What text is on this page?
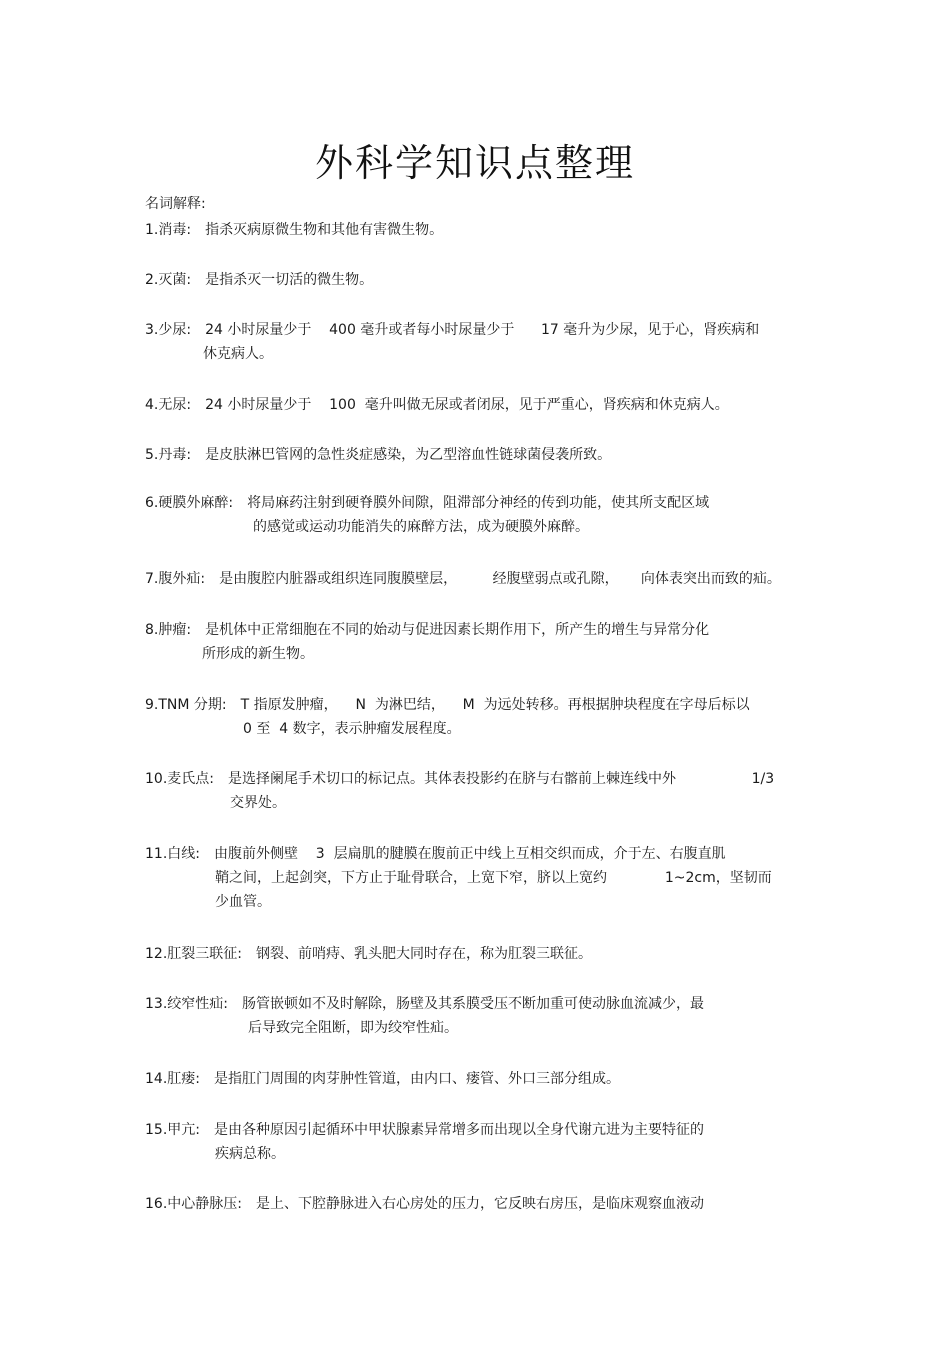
外科学知识点整理
名词解释:
1.消毒: 指杀灭病原微生物和其他有害微生物。
2.灭菌: 是指杀灭一切活的微生物。
3.少尿: 24 小时尿量少于    400 毫升或者每小时尿量少于      17 毫升为少尿，见于心，肾疾病和
休克病人。
4.无尿: 24 小时尿量少于    100  毫升叫做无尿或者闭尿，见于严重心，肾疾病和休克病人。
5.丹毒: 是皮肤淋巴管网的急性炎症感染，为乙型溶血性链球菌侵袭所致。
6.硬膜外麻醉: 将局麻药注射到硬脊膜外间隙，阻滞部分神经的传到功能，使其所支配区域
的感觉或运动功能消失的麻醉方法，成为硬膜外麻醉。
7.腹外疝: 是由腹腔内脏器或组织连同腹膜壁层，        经腹壁弱点或孔隙，     向体表突出而致的疝。
8.肿瘤: 是机体中正常细胞在不同的始动与促进因素长期作用下，所产生的增生与异常分化
所形成的新生物。
9.TNM 分期: T 指原发肿瘤，    N  为淋巴结，    M  为远处转移。再根据肿块程度在字母后标以
0 至  4 数字，表示肿瘤发展程度。
10.麦氏点: 是选择阑尾手术切口的标记点。其体表投影约在脐与右髂前上棘连线中外                 1/3
交界处。
11.白线: 由腹前外侧壁    3  层扁肌的腱膜在腹前正中线上互相交织而成，介于左、右腹直肌
鞘之间，上起剑突，下方止于耻骨联合，上宽下窄，脐以上宽约             1~2cm，坚韧而
少血管。
12.肛裂三联征: 钢裂、前哨痔、乳头肥大同时存在，称为肛裂三联征。
13.绞窄性疝: 肠管嵌顿如不及时解除，肠壁及其系膜受压不断加重可使动脉血流减少，最
后导致完全阻断，即为绞窄性疝。
14.肛瘘: 是指肛门周围的肉芽肿性管道，由内口、瘘管、外口三部分组成。
15.甲亢: 是由各种原因引起循环中甲状腺素异常增多而出现以全身代谢亢进为主要特征的
疾病总称。
16.中心静脉压: 是上、下腔静脉进入右心房处的压力，它反映右房压，是临床观察血液动
